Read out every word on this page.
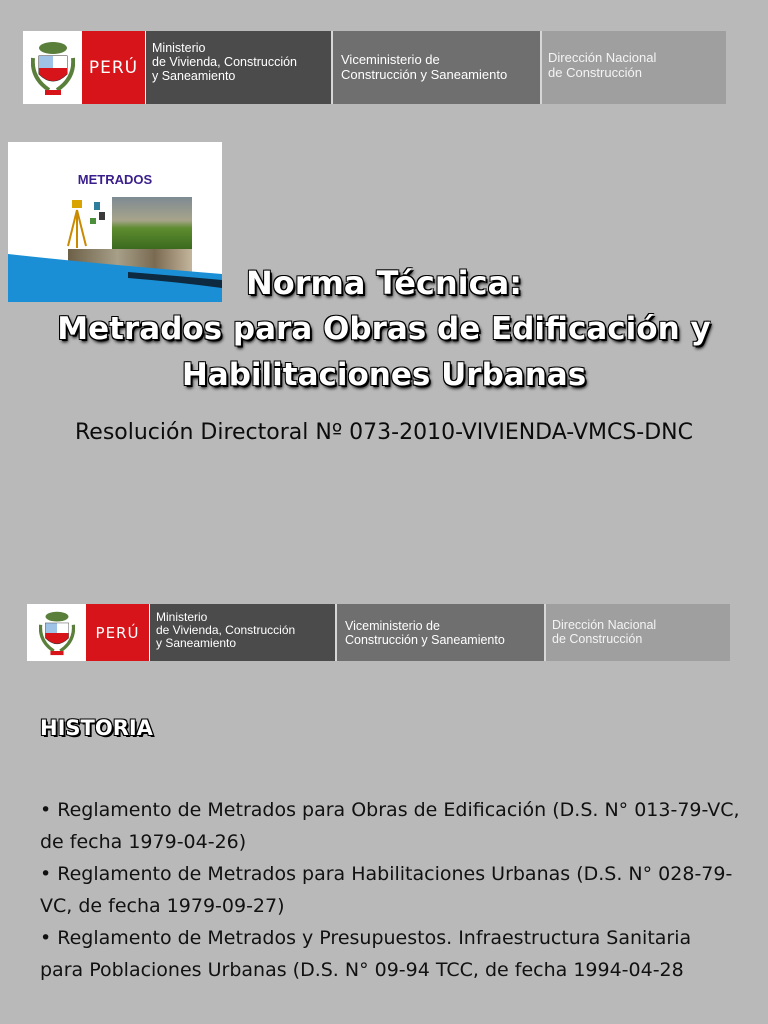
PERÚ
Ministerio
de Vivienda, Construcción
y Saneamiento
Viceministerio de
Construcción y Saneamiento
Dirección Nacional
de Construcción
METRADOS
Norma Técnica:
Metrados para Obras de Edificación y
Habilitaciones Urbanas
Resolución Directoral Nº 073-2010-VIVIENDA-VMCS-DNC
PERÚ
Ministerio
de Vivienda, Construcción
y Saneamiento
Viceministerio de
Construcción y Saneamiento
Dirección Nacional
de Construcción
HISTORIA
• Reglamento de Metrados para Obras de Edificación (D.S. N° 013-79-VC, de fecha 1979-04-26)
• Reglamento de Metrados para Habilitaciones Urbanas (D.S. N° 028-79-VC, de fecha 1979-09-27)
• Reglamento de Metrados y Presupuestos. Infraestructura Sanitaria para Poblaciones Urbanas (D.S. N° 09-94 TCC, de fecha 1994-04-28
